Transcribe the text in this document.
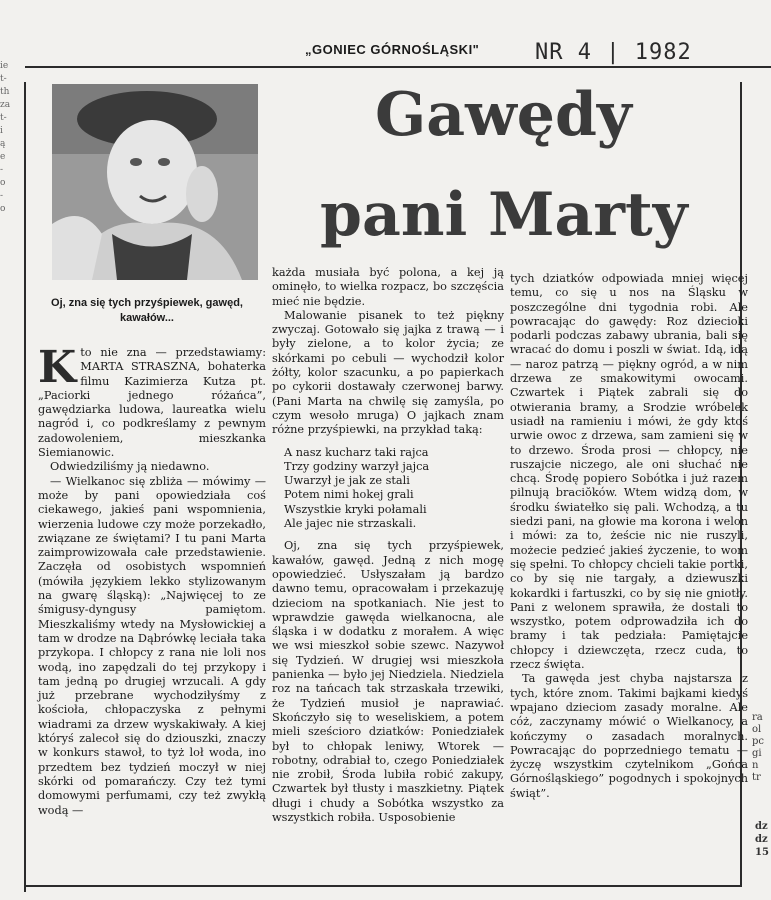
„GONIEC GÓRNOŚLĄSKI"	NR 4 | 1982
ie
t-
th
za
t-
i
ą
e
-
o
-
o
ra
ol
pc
gi
n
tr
dz
dz
15
Oj, zna się tych przyśpiewek, gawęd, kawałów...
Gawędy
pani Marty

Kto nie zna — przedstawiamy: MARTA STRASZNA, bohaterka filmu Kazimierza Kutza pt. „Paciorki jednego różańca”, gawędziarka ludowa, laureatka wielu nagród i, co podkreślamy z pewnym zadowoleniem, mieszkanka Siemianowic.

Odwiedziliśmy ją niedawno.

— Wielkanoc się zbliża — mówimy — może by pani opowiedziała coś ciekawego, jakieś pani wspomnienia, wierzenia ludowe czy może porzekadło, związane ze świętami? I tu pani Marta zaimprowizowała całe przedstawienie. Zaczęła od osobistych wspomnień (mówiła językiem lekko stylizowanym na gwarę śląską): „Najwięcej to ze śmigusy-dyngusy pamiętom. Mieszkaliśmy wtedy na Mysłowickiej a tam w drodze na Dąbrówkę leciała taka przykopa. I chłopcy z rana nie loli nos wodą, ino zapędzali do tej przykopy i tam jedną po drugiej wrzucali. A gdy już przebrane wychodziłyśmy z kościoła, chłopaczyska z pełnymi wiadrami za drzew wyskakiwały. A kiej któryś zalecoł się do dziouszki, znaczy w konkurs stawoł, to tyż loł woda, ino przedtem bez tydzień moczył w niej skórki od pomarańczy. Czy też tymi domowymi perfumami, czy też zwykłą wodą —

każda musiała być polona, a kej ją ominęło, to wielka rozpacz, bo szczęścia mieć nie będzie.

Malowanie pisanek to też piękny zwyczaj. Gotowało się jajka z trawą — i były zielone, a to kolor życia; ze skórkami po cebuli — wychodził kolor żółty, kolor szacunku, a po papierkach po cykorii dostawały czerwonej barwy. (Pani Marta na chwilę się zamyśla, po czym wesoło mruga) O jajkach znam różne przyśpiewki, na przykład taką:

A nasz kucharz taki rajca
Trzy godziny warzył jajca
Uwarzył je jak ze stali
Potem nimi hokej grali
Wszystkie kryki połamali
Ale jajec nie strzaskali.

Oj, zna się tych przyśpiewek, kawałów, gawęd. Jedną z nich mogę opowiedzieć. Usłyszałam ją bardzo dawno temu, opracowałam i przekazuję dzieciom na spotkaniach. Nie jest to wprawdzie gawęda wielkanocna, ale śląska i w dodatku z morałem. A więc we wsi mieszkoł sobie szewc. Nazywoł się Tydzień. W drugiej wsi mieszkoła panienka — było jej Niedziela. Niedziela roz na tańcach tak strzaskała trzewiki, że Tydzień musioł je naprawiać. Skończyło się to weseliskiem, a potem mieli sześcioro dziatków: Poniedziałek był to chłopak leniwy, Wtorek — robotny, odrabiał to, czego Poniedziałek nie zrobił, Środa lubiła robić zakupy, Czwartek był tłusty i maszkietny. Piątek długi i chudy a Sobótka wszystko za wszystkich robiła. Usposobienie

tych dziatków odpowiada mniej więcej temu, co się u nos na Śląsku w poszczególne dni tygodnia robi. Ale powracając do gawędy: Roz dziecioki podarli podczas zabawy ubrania, bali się wracać do domu i poszli w świat. Idą, idą — naroz patrzą — piękny ogród, a w nim drzewa ze smakowitymi owocami. Czwartek i Piątek zabrali się do otwierania bramy, a Srodzie wróbelek usiadł na ramieniu i mówi, że gdy ktoś urwie owoc z drzewa, sam zamieni się w to drzewo. Środa prosi — chłopcy, nie ruszajcie niczego, ale oni słuchać nie chcą. Środę popiero Sobótka i już razem pilnują braciŏków. Wtem widzą dom, w środku światełko się pali. Wchodzą, a tu siedzi pani, na głowie ma korona i welon i mówi: za to, żeście nic nie ruszyli, możecie pedzieć jakieś życzenie, to wom się spełni. To chłopcy chcieli takie portki, co by się nie targały, a dziewuszki kokardki i fartuszki, co by się nie gniotły. Pani z welonem sprawiła, że dostali to wszystko, potem odprowadziła ich do bramy i tak pedziała: Pamiętajcie chłopcy i dziewczęta, rzecz cuda, to rzecz święta.

Ta gawęda jest chyba najstarsza z tych, które znom. Takimi bajkami kiedyś wpajano dzieciom zasady moralne. Ale cóż, zaczynamy mówić o Wielkanocy, a kończymy o zasadach moralnych. Powracając do poprzedniego tematu — życzę wszystkim czytelnikom „Gońca Górnośląskiego” pogodnych i spokojnych świąt”.
